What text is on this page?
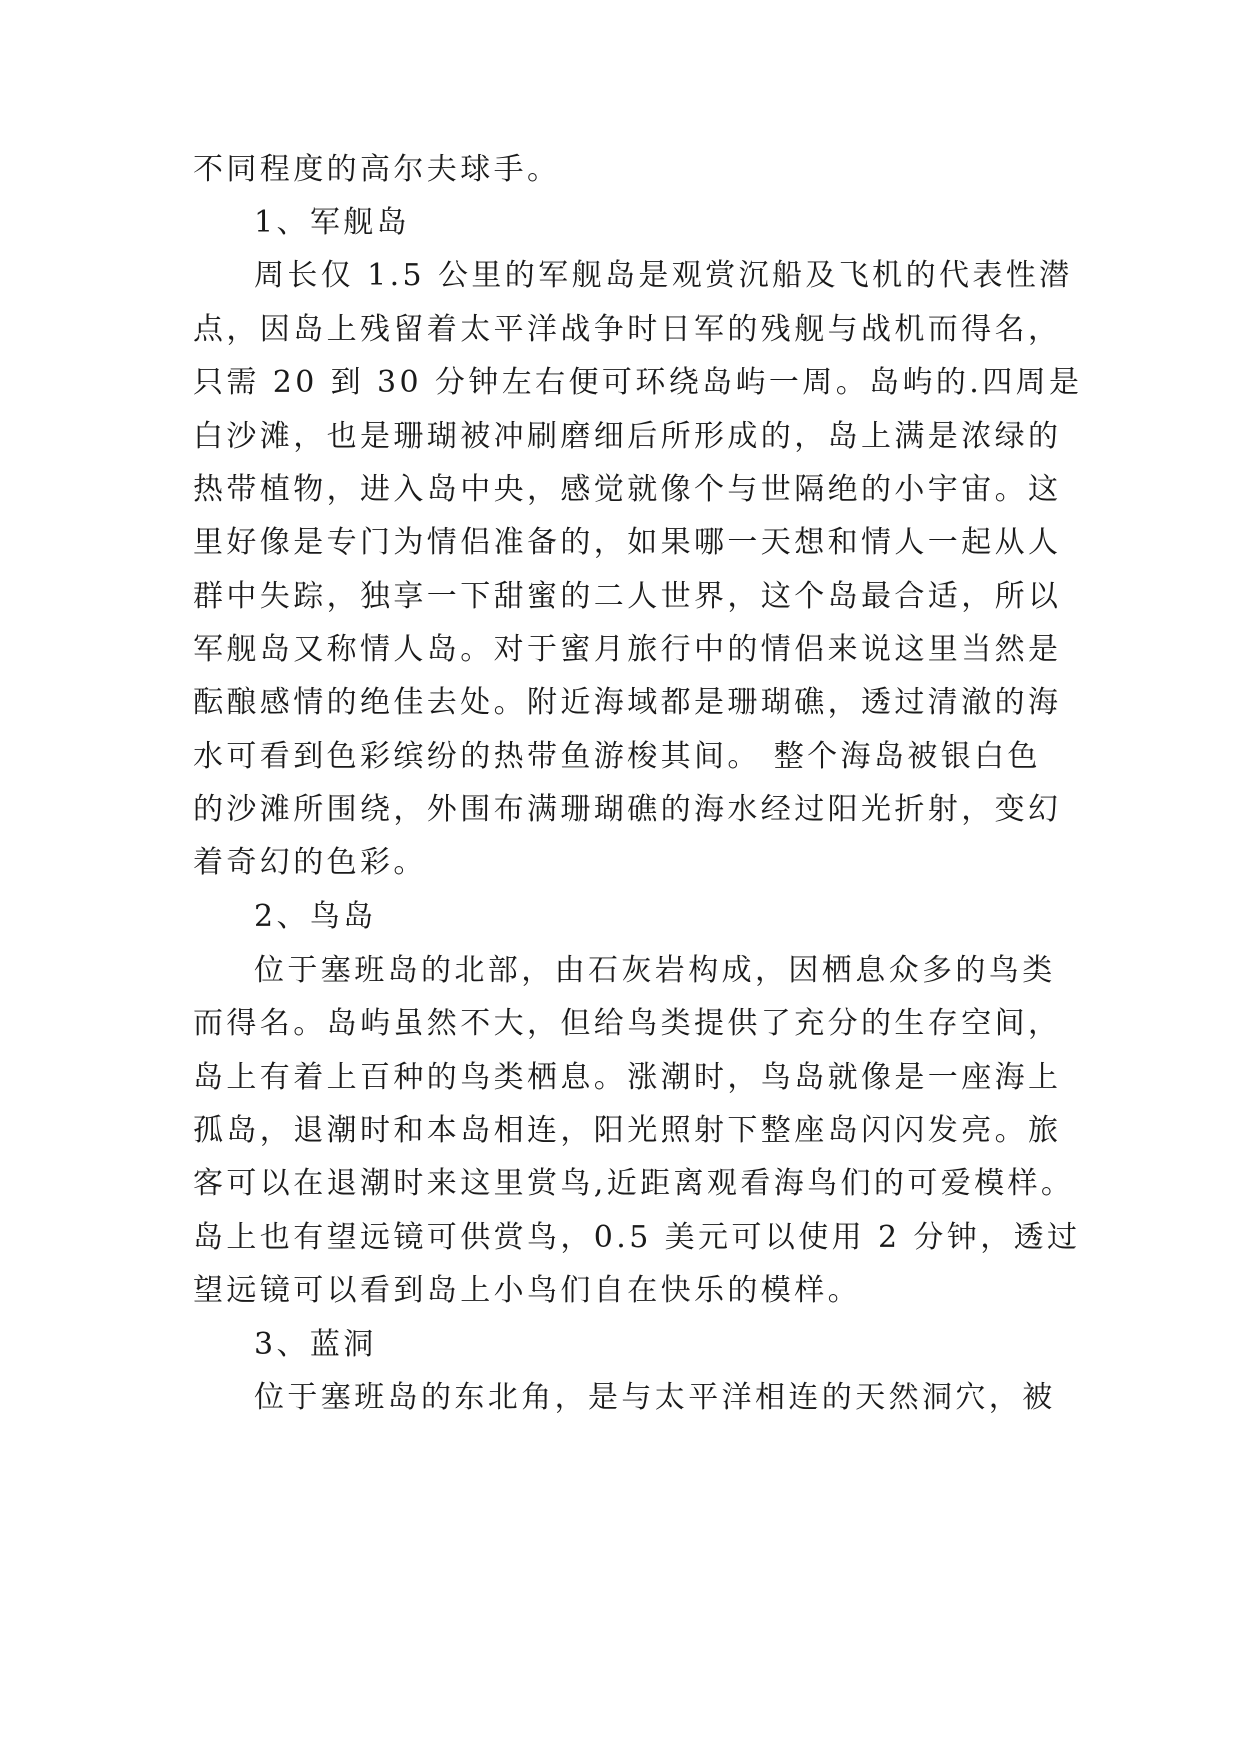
不同程度的高尔夫球手。
1、军舰岛
周长仅 1.5 公里的军舰岛是观赏沉船及飞机的代表性潜
点，因岛上残留着太平洋战争时日军的残舰与战机而得名，
只需 20 到 30 分钟左右便可环绕岛屿一周。岛屿的.四周是
白沙滩，也是珊瑚被冲刷磨细后所形成的，岛上满是浓绿的
热带植物，进入岛中央，感觉就像个与世隔绝的小宇宙。这
里好像是专门为情侣准备的，如果哪一天想和情人一起从人
群中失踪，独享一下甜蜜的二人世界，这个岛最合适，所以
军舰岛又称情人岛。对于蜜月旅行中的情侣来说这里当然是
酝酿感情的绝佳去处。附近海域都是珊瑚礁，透过清澈的海
水可看到色彩缤纷的热带鱼游梭其间。 整个海岛被银白色
的沙滩所围绕，外围布满珊瑚礁的海水经过阳光折射，变幻
着奇幻的色彩。
2、鸟岛
位于塞班岛的北部，由石灰岩构成，因栖息众多的鸟类
而得名。岛屿虽然不大，但给鸟类提供了充分的生存空间，
岛上有着上百种的鸟类栖息。涨潮时，鸟岛就像是一座海上
孤岛，退潮时和本岛相连，阳光照射下整座岛闪闪发亮。旅
客可以在退潮时来这里赏鸟,近距离观看海鸟们的可爱模样。
岛上也有望远镜可供赏鸟，0.5 美元可以使用 2 分钟，透过
望远镜可以看到岛上小鸟们自在快乐的模样。
3、蓝洞
位于塞班岛的东北角，是与太平洋相连的天然洞穴，被
